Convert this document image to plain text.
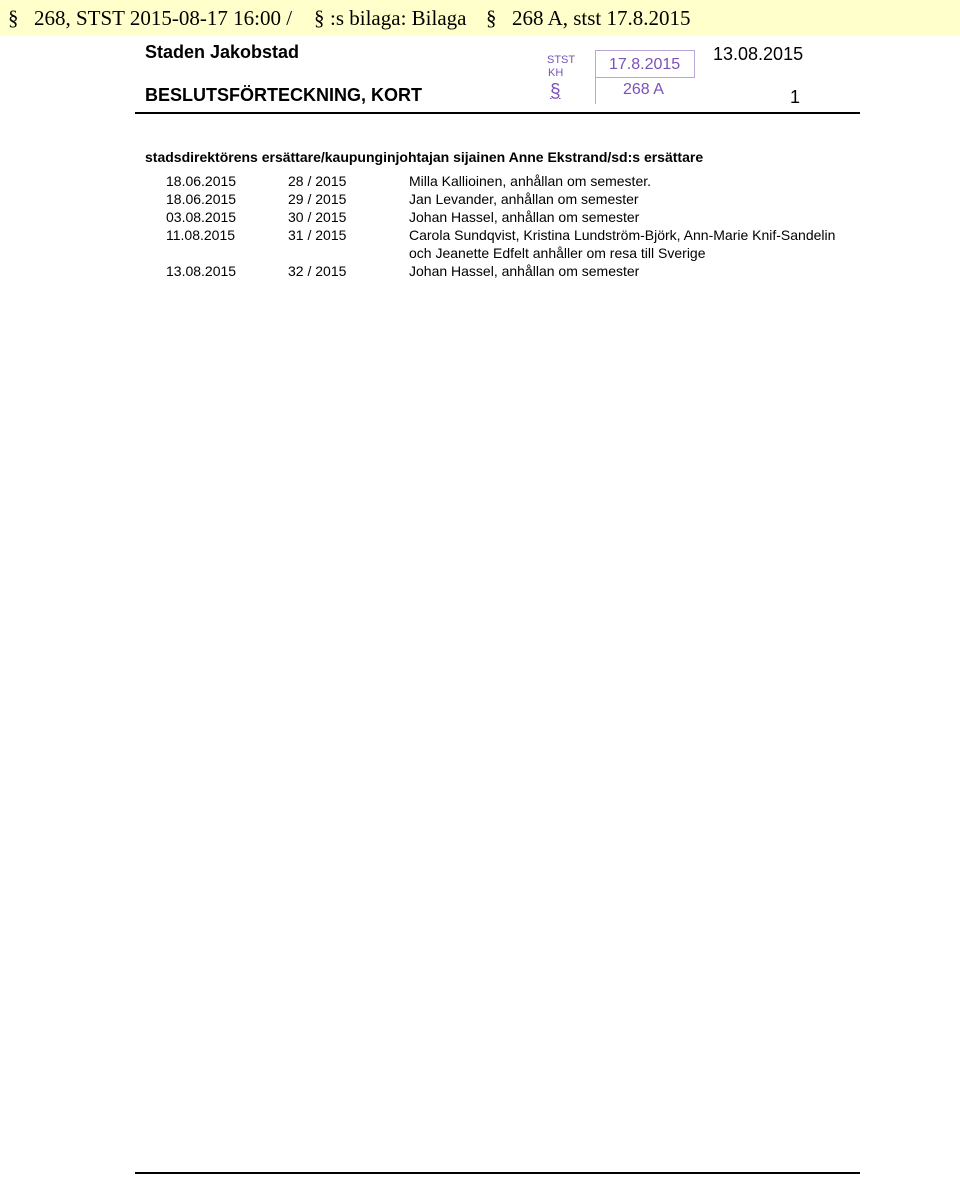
§ 268, STST 2015-08-17 16:00 / § :s bilaga: Bilaga § 268 A, stst 17.8.2015
Staden Jakobstad
BESLUTSFÖRTECKNING, KORT
STST
KH	17.8.2015
§	268 A
13.08.2015
1
stadsdirektörens ersättare/kaupunginjohtajan sijainen Anne Ekstrand/sd:s ersättare
18.06.2015	28 / 2015	Milla Kallioinen, anhållan om semester.
18.06.2015	29 / 2015	Jan Levander, anhållan om semester
03.08.2015	30 / 2015	Johan Hassel, anhållan om semester
11.08.2015	31 / 2015	Carola Sundqvist, Kristina Lundström-Björk, Ann-Marie Knif-Sandelin och Jeanette Edfelt anhåller om resa till Sverige
13.08.2015	32 / 2015	Johan Hassel, anhållan om semester
